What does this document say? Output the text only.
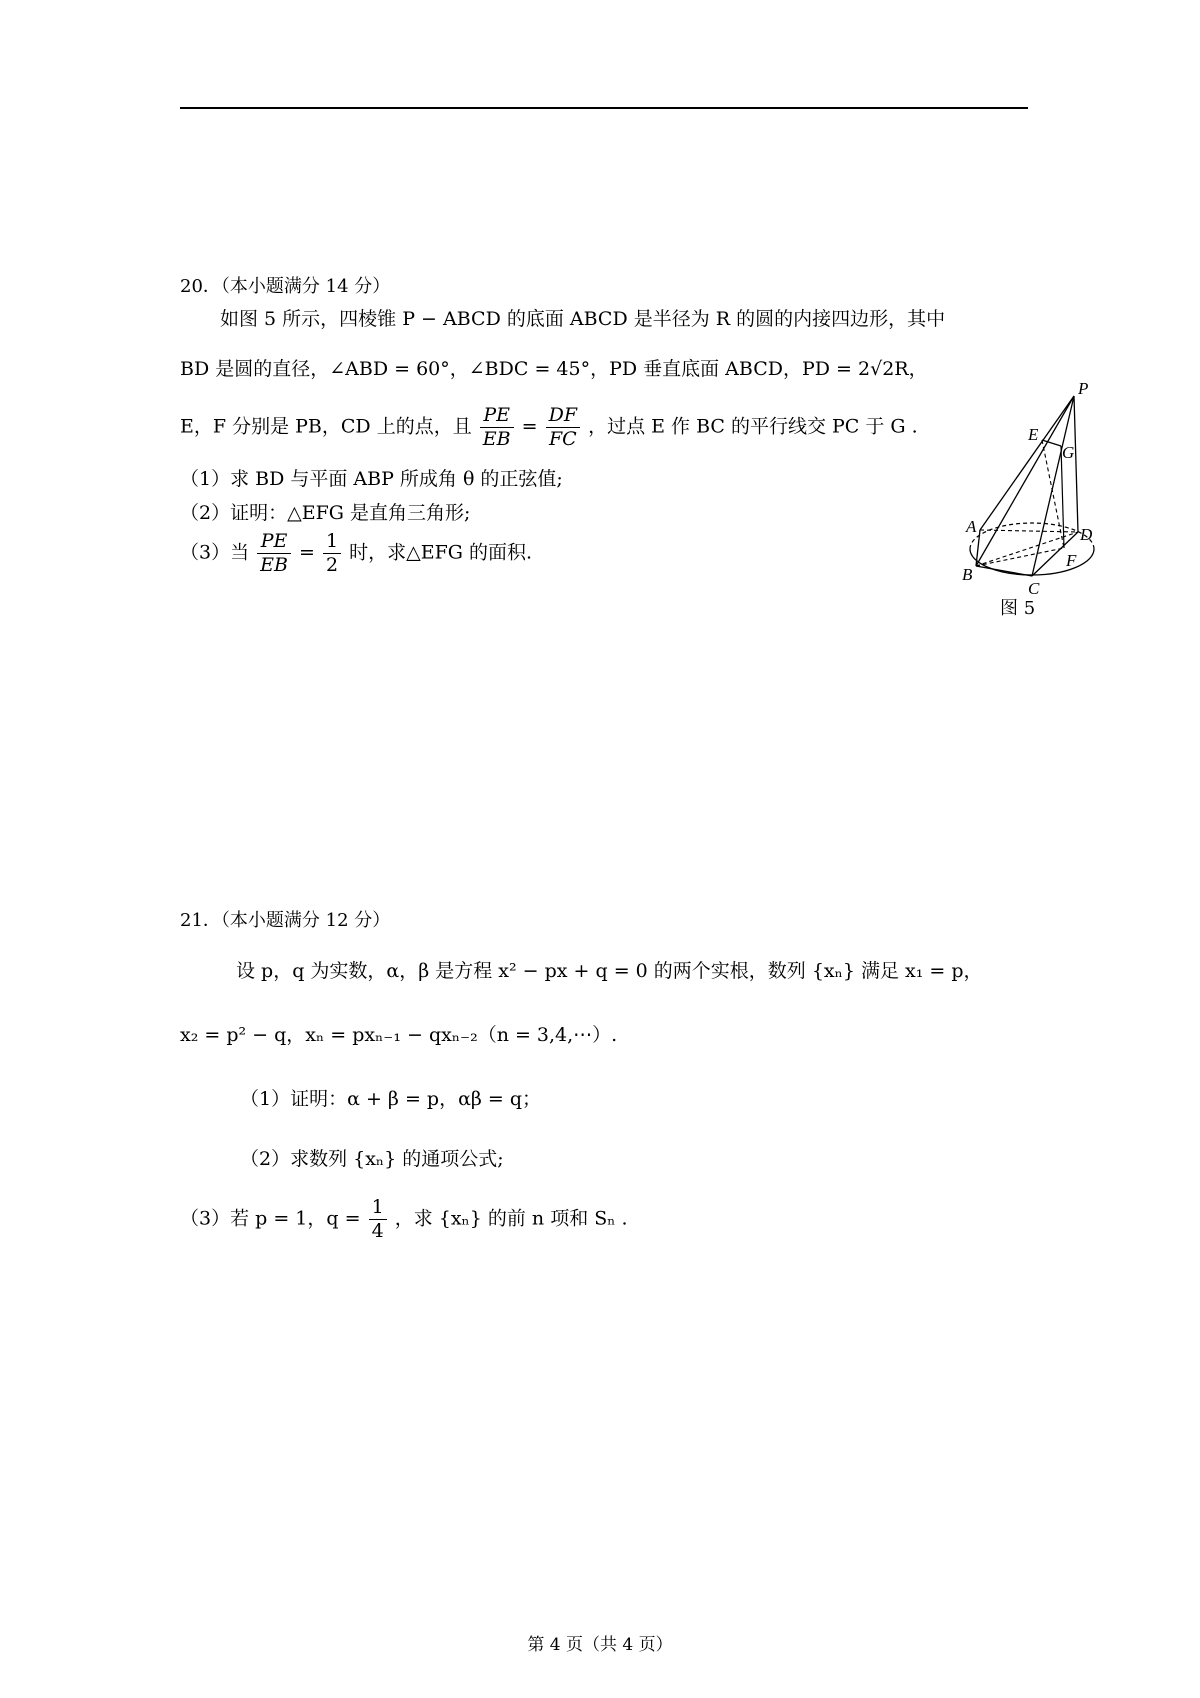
20．（本小题满分 14 分）
如图 5 所示，四棱锥 P − ABCD 的底面 ABCD 是半径为 R 的圆的内接四边形，其中
BD 是圆的直径，∠ABD = 60°，∠BDC = 45°，PD 垂直底面 ABCD，PD = 2√2R，
E，F 分别是 PB，CD 上的点，且 $\frac{PE}{EB} = \frac{DF}{FC}$ ，过点 E 作 BC 的平行线交 PC 于 G .
（1）求 BD 与平面 ABP 所成角 θ 的正弦值;
（2）证明：△EFG 是直角三角形;
（3）当 $\frac{PE}{EB} = \frac{1}{2}$ 时，求△EFG 的面积.
P
E
G
A	D
F
B
C
图 5
21．（本小题满分 12 分）
设 p，q 为实数，α，β 是方程 x² − px + q = 0 的两个实根，数列 {xₙ} 满足 x₁ = p，
x₂ = p² − q，xₙ = pxₙ₋₁ − qxₙ₋₂（n = 3,4,⋯）.
（1）证明：α + β = p，αβ = q；
（2）求数列 {xₙ} 的通项公式;
（3）若 p = 1，$q = \frac{1}{4}$ ，求 {xₙ} 的前 n 项和 Sₙ .
第 4 页（共 4 页）
